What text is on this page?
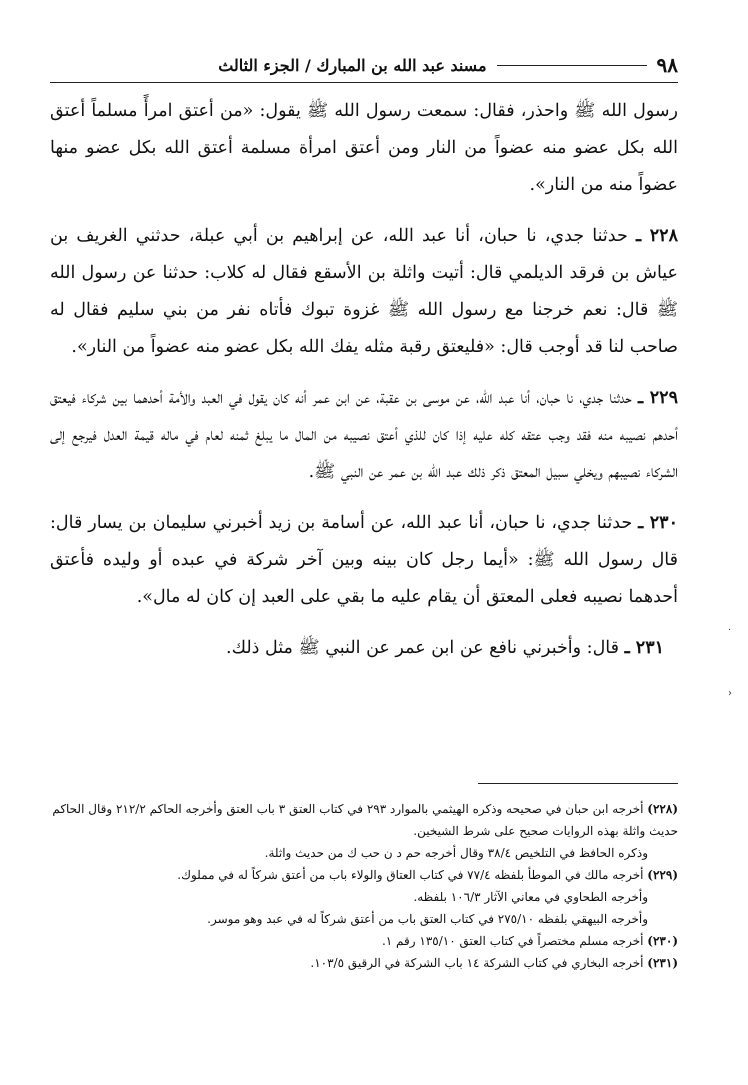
٩٨
مسند عبد الله بن المبارك / الجزء الثالث

رسول الله ﷺ واحذر، فقال: سمعت رسول الله ﷺ يقول: «من أعتق امرأً مسلماً أعتق الله بكل عضو منه عضواً من النار ومن أعتق امرأة مسلمة أعتق الله بكل عضو منها عضواً منه من النار».

٢٢٨ ـ حدثنا جدي، نا حبان، أنا عبد الله، عن إبراهيم بن أبي عبلة، حدثني الغريف بن عياش بن فرقد الديلمي قال: أتيت واثلة بن الأسقع فقال له كلاب: حدثنا عن رسول الله ﷺ قال: نعم خرجنا مع رسول الله ﷺ غزوة تبوك فأتاه نفر من بني سليم فقال له صاحب لنا قد أوجب قال: «فليعتق رقبة مثله يفك الله بكل عضو منه عضواً من النار».

٢٢٩ ـ حدثنا جدي، نا حبان، أنا عبد الله، عن موسى بن عقبة، عن ابن عمر أنه كان يقول في العبد والأمة أحدهما بين شركاء فيعتق أحدهم نصيبه منه فقد وجب عتقه كله عليه إذا كان للذي أعتق نصيبه من المال ما يبلغ ثمنه لعام في ماله قيمة العدل فيرجع إلى الشركاء نصيبهم ويخلي سبيل المعتق ذكر ذلك عبد الله بن عمر عن النبي ﷺ.

٢٣٠ ـ حدثنا جدي، نا حبان، أنا عبد الله، عن أسامة بن زيد أخبرني سليمان بن يسار قال: قال رسول الله ﷺ: «أيما رجل كان بينه وبين آخر شركة في عبده أو وليده فأعتق أحدهما نصيبه فعلى المعتق أن يقام عليه ما بقي على العبد إن كان له مال».

٢٣١ ـ قال: وأخبرني نافع عن ابن عمر عن النبي ﷺ مثل ذلك.

(٢٢٨) أخرجه ابن حبان في صحيحه وذكره الهيثمي بالموارد ٢٩٣ في كتاب العتق ٣ باب العتق وأخرجه الحاكم ٢١٢/٢ وقال الحاكم حديث واثلة بهذه الروايات صحيح على شرط الشيخين.

وذكره الحافظ في التلخيص ٣٨/٤ وقال أخرجه حم د ن حب ك من حديث واثلة.

(٢٢٩) أخرجه مالك في الموطأ بلفظه ٧٧/٤ في كتاب العتاق والولاء باب من أعتق شركاً له في مملوك.

وأخرجه الطحاوي في معاني الآثار ١٠٦/٣ بلفظه.

وأخرجه البيهقي بلفظه ٢٧٥/١٠ في كتاب العتق باب من أعتق شركاً له في عبد وهو موسر.

(٢٣٠) أخرجه مسلم مختصراً في كتاب العتق ١٣٥/١٠ رقم ١.

(٢٣١) أخرجه البخاري في كتاب الشركة ١٤ باب الشركة في الرقيق ١٠٣/٥.

.
‹
